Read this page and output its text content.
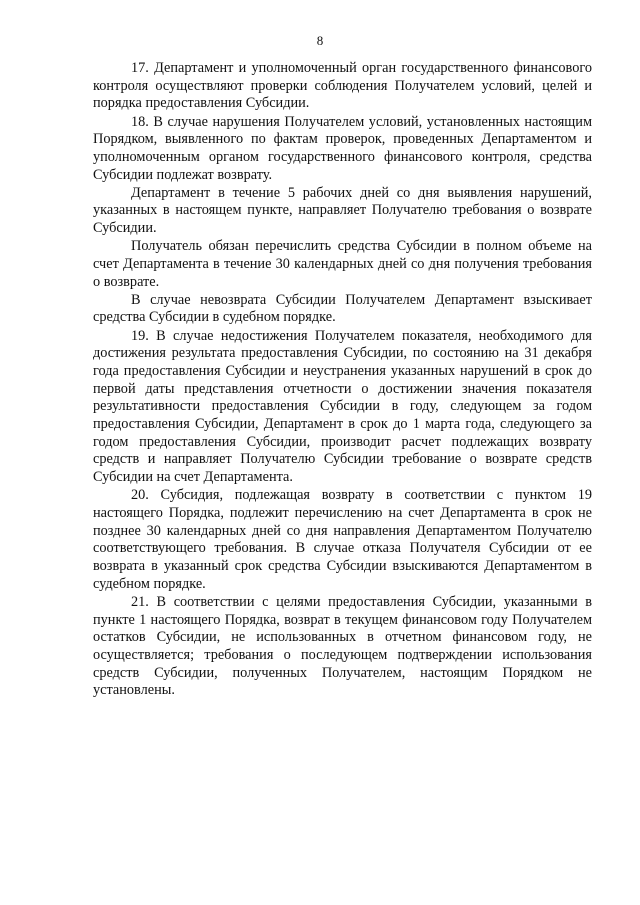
8

17. Департамент и уполномоченный орган государственного финансового контроля осуществляют проверки соблюдения Получателем условий, целей и порядка предоставления Субсидии.

18. В случае нарушения Получателем условий, установленных настоящим Порядком, выявленного по фактам проверок, проведенных Департаментом и уполномоченным органом государственного финансового контроля, средства Субсидии подлежат возврату.

Департамент в течение 5 рабочих дней со дня выявления нарушений, указанных в настоящем пункте, направляет Получателю требования о возврате Субсидии.

Получатель обязан перечислить средства Субсидии в полном объеме на счет Департамента в течение 30 календарных дней со дня получения требования о возврате.

В случае невозврата Субсидии Получателем Департамент взыскивает средства Субсидии в судебном порядке.

19. В случае недостижения Получателем показателя, необходимого для достижения результата предоставления Субсидии, по состоянию на 31 декабря года предоставления Субсидии и неустранения указанных нарушений в срок до первой даты представления отчетности о достижении значения показателя результативности предоставления Субсидии в году, следующем за годом предоставления Субсидии, Департамент в срок до 1 марта года, следующего за годом предоставления Субсидии, производит расчет подлежащих возврату средств и направляет Получателю Субсидии требование о возврате средств Субсидии на счет Департамента.

20. Субсидия, подлежащая возврату в соответствии с пунктом 19 настоящего Порядка, подлежит перечислению на счет Департамента в срок не позднее 30 календарных дней со дня направления Департаментом Получателю соответствующего требования. В случае отказа Получателя Субсидии от ее возврата в указанный срок средства Субсидии взыскиваются Департаментом в судебном порядке.

21. В соответствии с целями предоставления Субсидии, указанными в пункте 1 настоящего Порядка, возврат в текущем финансовом году Получателем остатков Субсидии, не использованных в отчетном финансовом году, не осуществляется; требования о последующем подтверждении использования средств Субсидии, полученных Получателем, настоящим Порядком не установлены.
